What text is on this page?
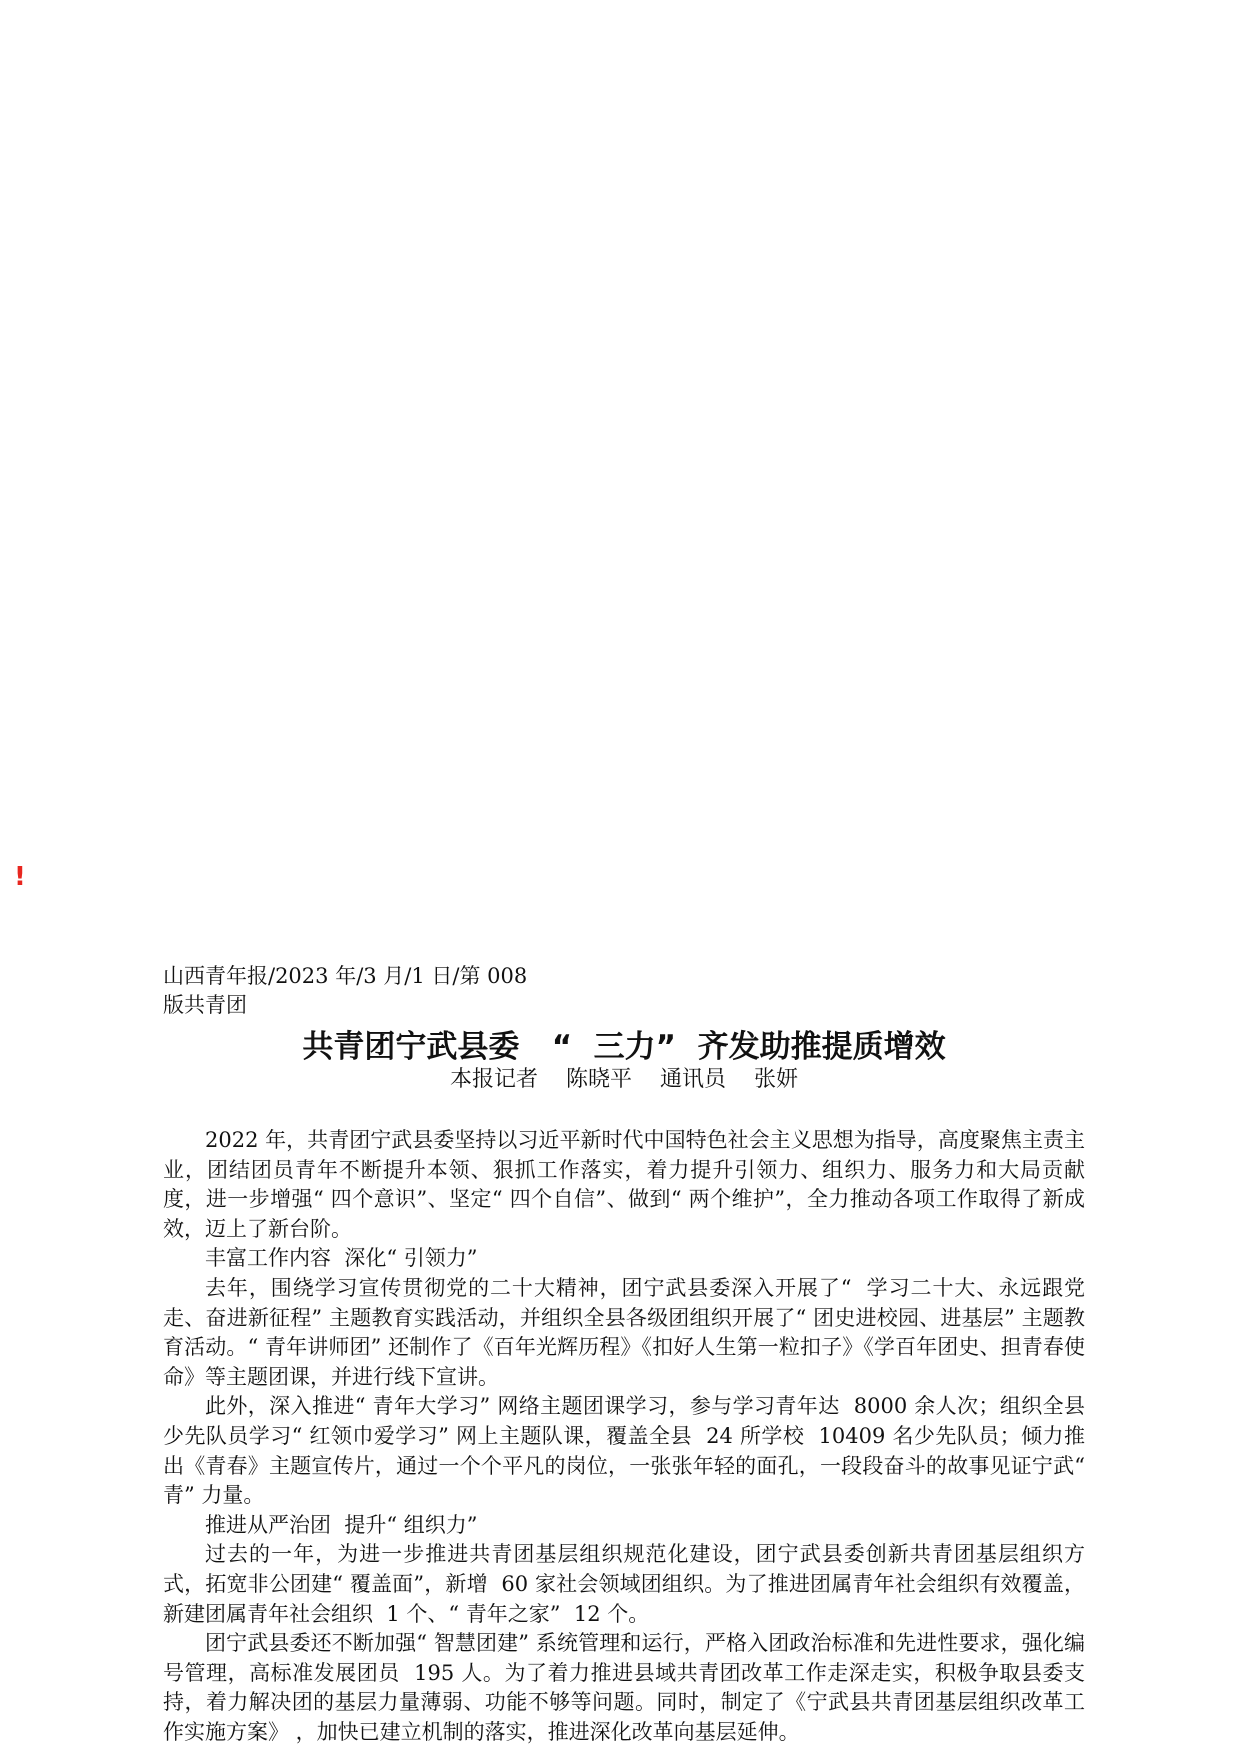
!
山西青年报/2023 年/3 月/1 日/第 008
版共青团
共青团宁武县委   “  三力”  齐发助推提质增效
本报记者    陈晓平    通讯员    张妍

2022 年，共青团宁武县委坚持以习近平新时代中国特色社会主义思想为指导，高度聚焦主责主业，团结团员青年不断提升本领、狠抓工作落实，着力提升引领力、组织力、服务力和大局贡献度，进一步增强“ 四个意识”、坚定“ 四个自信”、做到“ 两个维护”，全力推动各项工作取得了新成效，迈上了新台阶。

丰富工作内容  深化“ 引领力”

去年，围绕学习宣传贯彻党的二十大精神，团宁武县委深入开展了“  学习二十大、永远跟党走、奋进新征程” 主题教育实践活动，并组织全县各级团组织开展了“ 团史进校园、进基层” 主题教育活动。“ 青年讲师团” 还制作了《百年光辉历程》《扣好人生第一粒扣子》《学百年团史、担青春使命》等主题团课，并进行线下宣讲。

此外，深入推进“ 青年大学习” 网络主题团课学习，参与学习青年达  8000 余人次；组织全县少先队员学习“ 红领巾爱学习” 网上主题队课，覆盖全县  24 所学校  10409 名少先队员；倾力推出《青春》主题宣传片，通过一个个平凡的岗位，一张张年轻的面孔，一段段奋斗的故事见证宁武“ 青” 力量。

推进从严治团  提升“ 组织力”

过去的一年，为进一步推进共青团基层组织规范化建设，团宁武县委创新共青团基层组织方式，拓宽非公团建“ 覆盖面”，新增  60 家社会领域团组织。为了推进团属青年社会组织有效覆盖，新建团属青年社会组织  1 个、“ 青年之家”  12 个。

团宁武县委还不断加强“ 智慧团建” 系统管理和运行，严格入团政治标准和先进性要求，强化编号管理，高标准发展团员  195 人。为了着力推进县域共青团改革工作走深走实，积极争取县委支持，着力解决团的基层力量薄弱、功能不够等问题。同时，制定了《宁武县共青团基层组织改革工作实施方案》 ，加快已建立机制的落实，推进深化改革向基层延伸。
